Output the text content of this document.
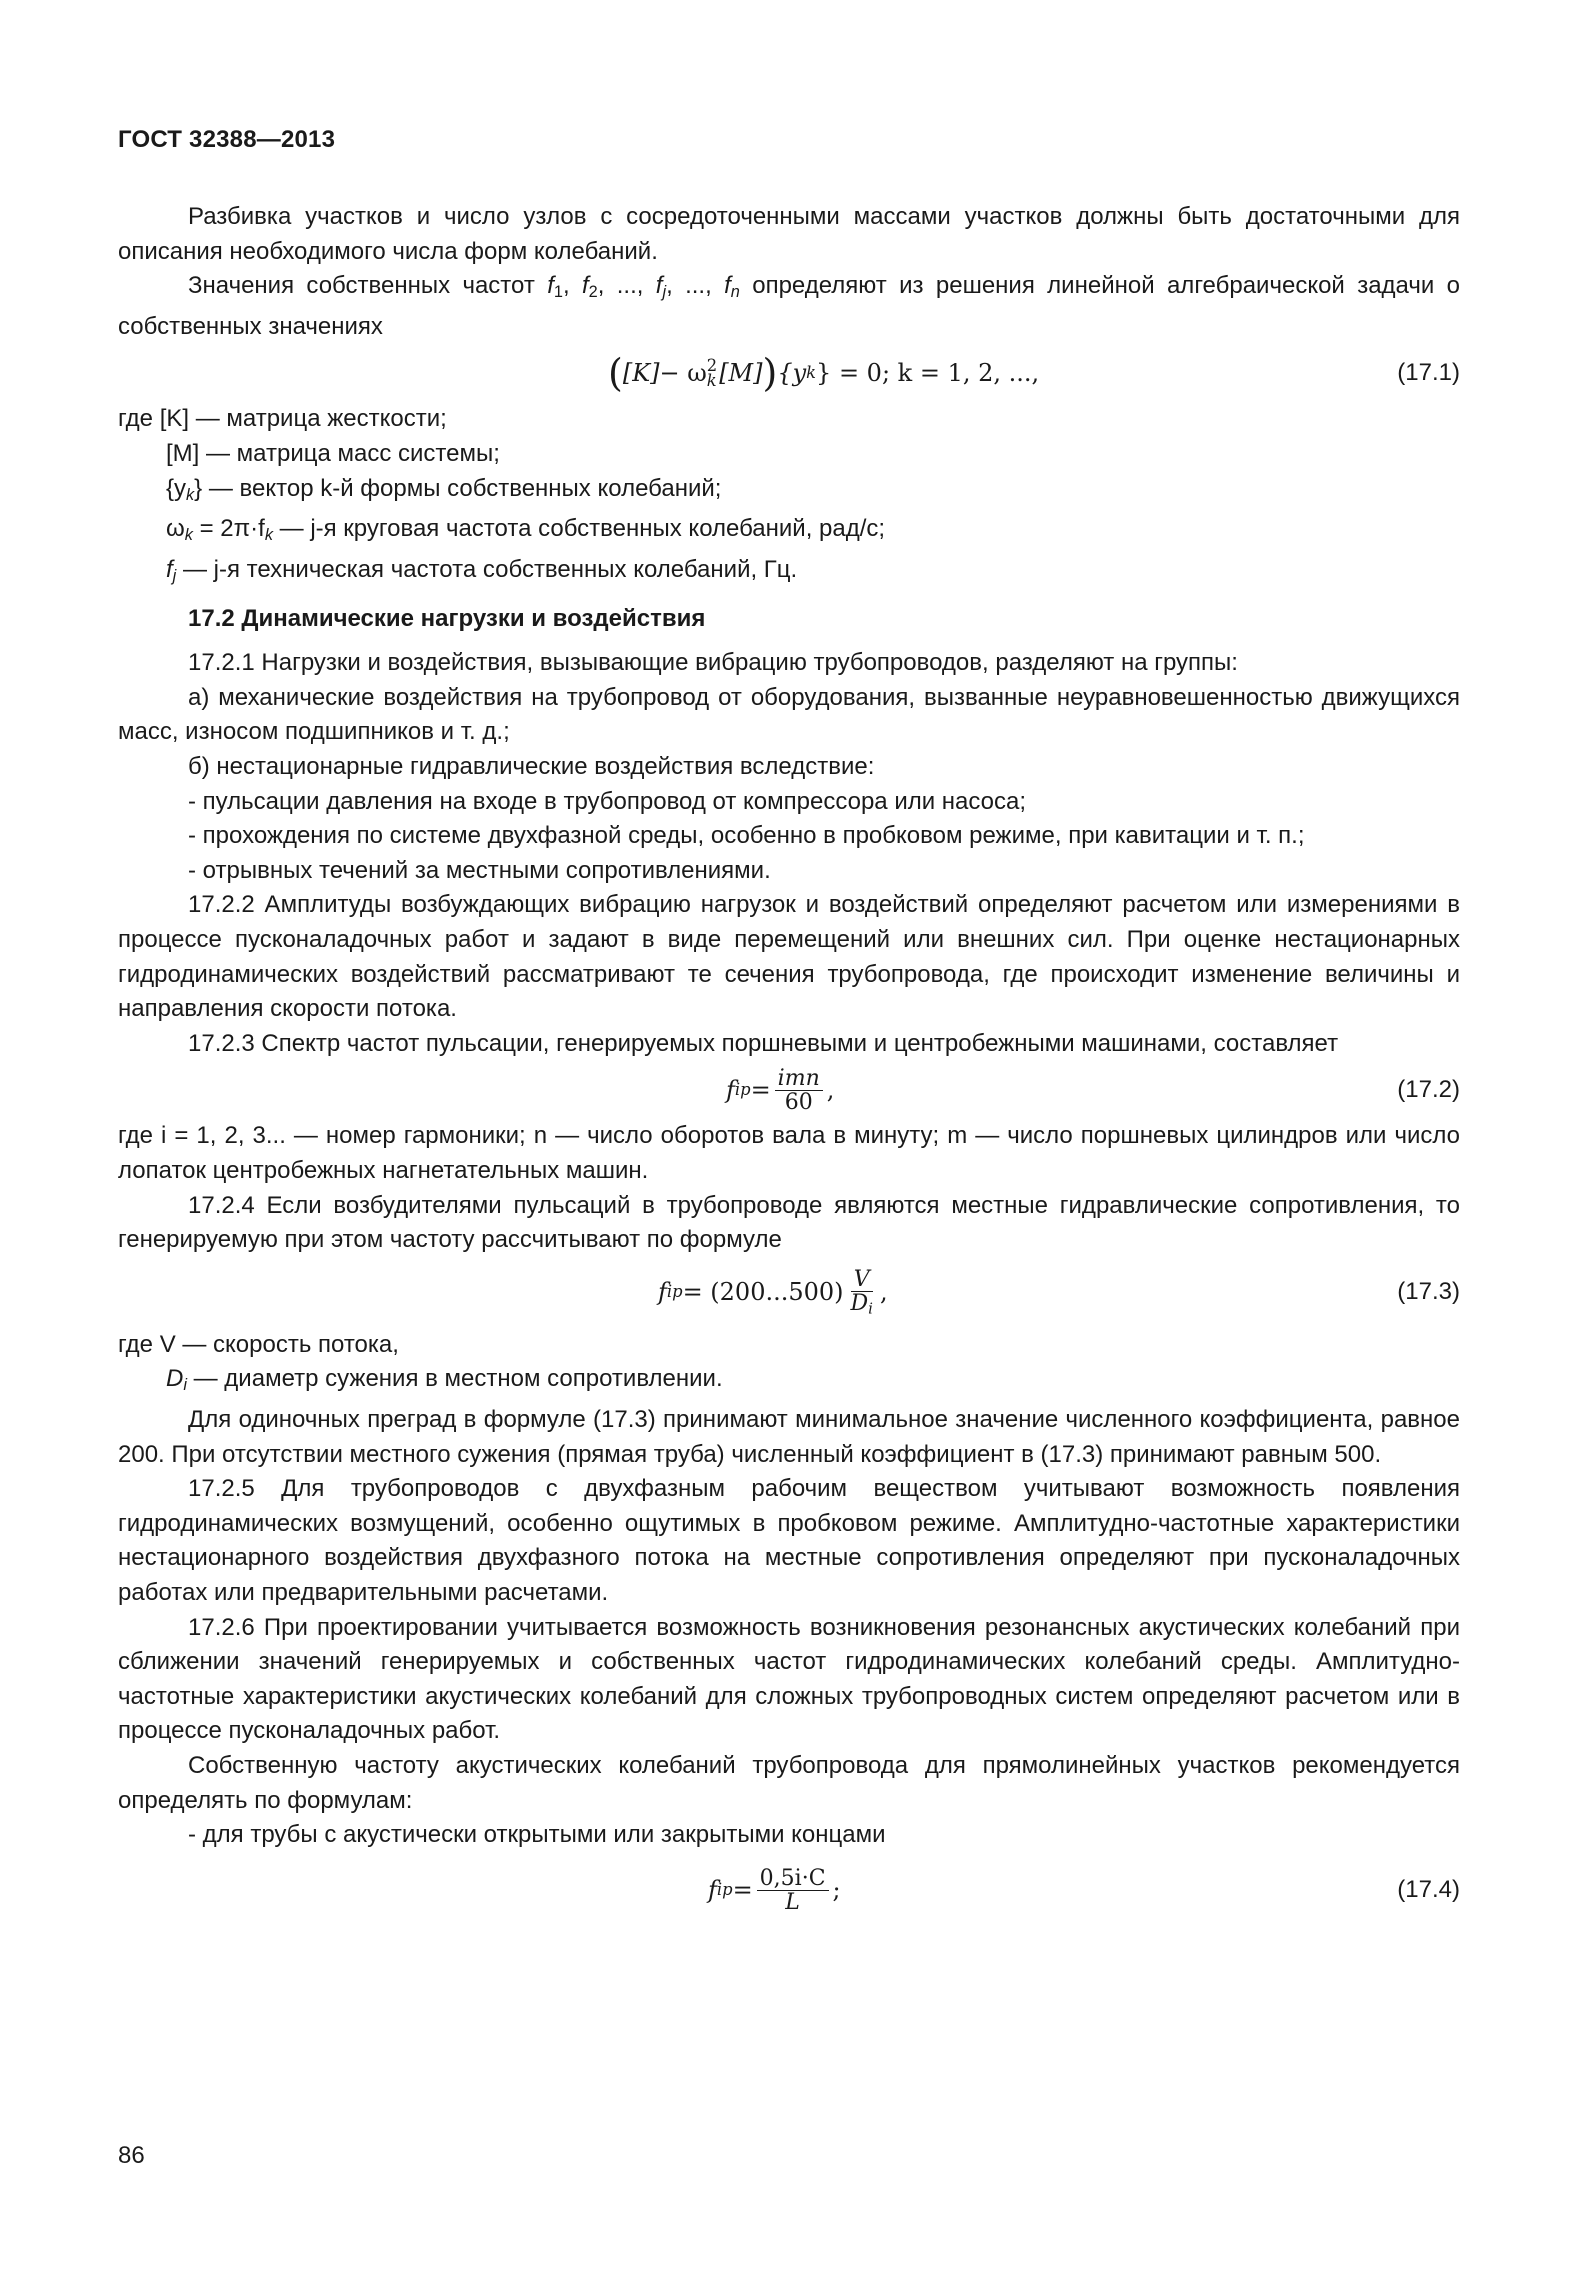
ГОСТ 32388—2013

Разбивка участков и число узлов с сосредоточенными массами участков должны быть достаточными для описания необходимого числа форм колебаний.

Значения собственных частот $f_1$, $f_2$, ..., $f_j$, ..., $f_n$ определяют из решения линейной алгебраической задачи о собственных значениях

( [K] − ω 2
k [M] ) {y k } = 0; k = 1, 2, ...,	(17.1)

где [K] — матрица жесткости;

[M] — матрица масс системы;

$\{y_k\}$ — вектор k-й формы собственных колебаний;

$\omega_k = 2\pi\cdot f_k$ — j-я круговая частота собственных колебаний, рад/с;

$f_j$ — j-я техническая частота собственных колебаний, Гц.

17.2 Динамические нагрузки и воздействия

17.2.1 Нагрузки и воздействия, вызывающие вибрацию трубопроводов, разделяют на группы:

а) механические воздействия на трубопровод от оборудования, вызванные неуравновешенностью движущихся масс, износом подшипников и т. д.;

б) нестационарные гидравлические воздействия вследствие:

- пульсации давления на входе в трубопровод от компрессора или насоса;

- прохождения по системе двухфазной среды, особенно в пробковом режиме, при кавитации и т. п.;

- отрывных течений за местными сопротивлениями.

17.2.2 Амплитуды возбуждающих вибрацию нагрузок и воздействий определяют расчетом или измерениями в процессе пусконаладочных работ и задают в виде перемещений или внешних сил. При оценке нестационарных гидродинамических воздействий рассматривают те сечения трубопровода, где происходит изменение величины и направления скорости потока.

17.2.3 Спектр частот пульсации, генерируемых поршневыми и центробежными машинами, составляет

f ip = $\frac{\text{imn}}{60}$ ,	(17.2)

где i = 1, 2, 3... — номер гармоники; n — число оборотов вала в минуту; m — число поршневых цилиндров или число лопаток центробежных нагнетательных машин.

17.2.4 Если возбудителями пульсаций в трубопроводе являются местные гидравлические сопротивления, то генерируемую при этом частоту рассчитывают по формуле

f ip = $(200...500) \frac{V}{D_i}$ ,	(17.3)

где V — скорость потока,

$D_i$ — диаметр сужения в местном сопротивлении.

Для одиночных преград в формуле (17.3) принимают минимальное значение численного коэффициента, равное 200. При отсутствии местного сужения (прямая труба) численный коэффициент в (17.3) принимают равным 500.

17.2.5 Для трубопроводов с двухфазным рабочим веществом учитывают возможность появления гидродинамических возмущений, особенно ощутимых в пробковом режиме. Амплитудно-частотные характеристики нестационарного воздействия двухфазного потока на местные сопротивления определяют при пусконаладочных работах или предварительными расчетами.

17.2.6 При проектировании учитывается возможность возникновения резонансных акустических колебаний при сближении значений генерируемых и собственных частот гидродинамических колебаний среды. Амплитудно-частотные характеристики акустических колебаний для сложных трубопроводных систем определяют расчетом или в процессе пусконаладочных работ.

Собственную частоту акустических колебаний трубопровода для прямолинейных участков рекомендуется определять по формулам:

- для трубы с акустически открытыми или закрытыми концами

f ip = $\frac{0,5i\cdot C}{L}$ ;	(17.4)
86
